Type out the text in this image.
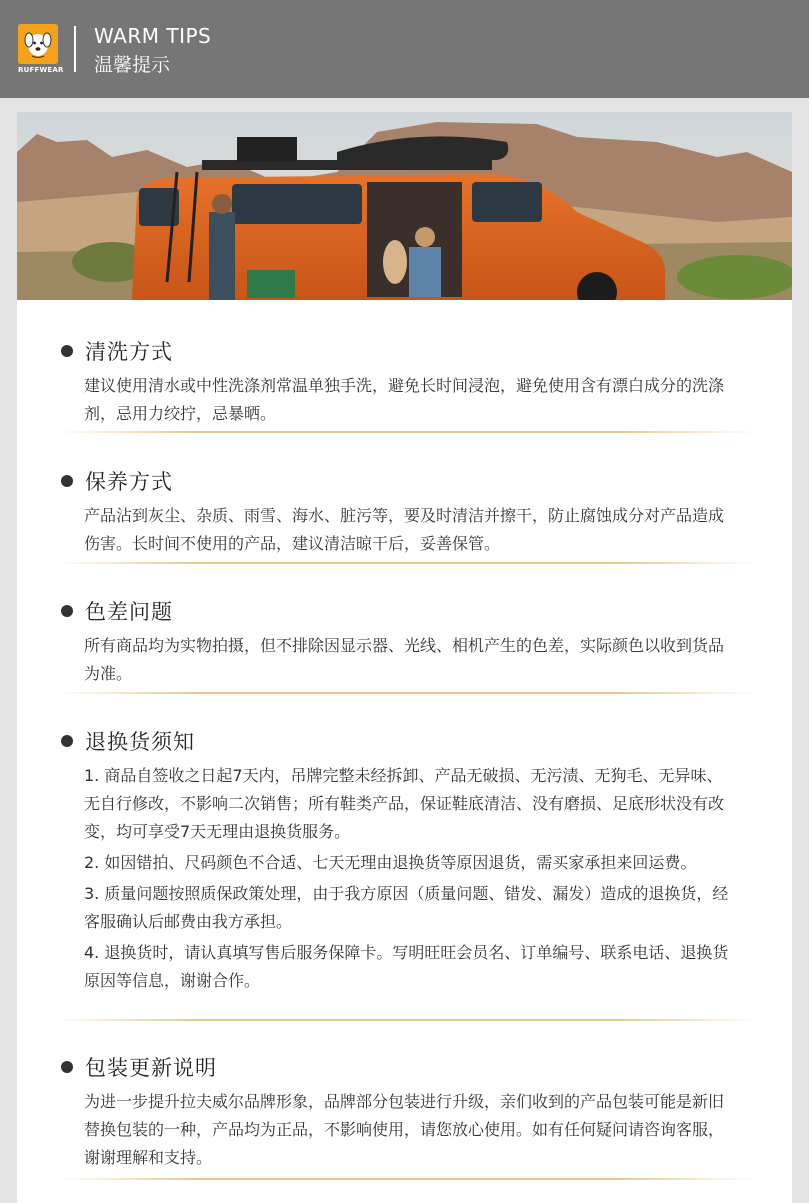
RUFFWEAR
WARM TIPS
温馨提示
清洗方式

建议使用清水或中性洗涤剂常温单独手洗，避免长时间浸泡，避免使用含有漂白成分的洗涤剂，忌用力绞拧，忌暴晒。

保养方式

产品沾到灰尘、杂质、雨雪、海水、脏污等，要及时清洁并擦干，防止腐蚀成分对产品造成伤害。长时间不使用的产品，建议清洁晾干后，妥善保管。

色差问题

所有商品均为实物拍摄，但不排除因显示器、光线、相机产生的色差，实际颜色以收到货品为准。

退换货须知

1. 商品自签收之日起7天内，吊牌完整未经拆卸、产品无破损、无污渍、无狗毛、无异味、无自行修改，不影响二次销售；所有鞋类产品，保证鞋底清洁、没有磨损、足底形状没有改变，均可享受7天无理由退换货服务。

2. 如因错拍、尺码颜色不合适、七天无理由退换货等原因退货，需买家承担来回运费。

3. 质量问题按照质保政策处理，由于我方原因（质量问题、错发、漏发）造成的退换货，经客服确认后邮费由我方承担。

4. 退换货时，请认真填写售后服务保障卡。写明旺旺会员名、订单编号、联系电话、退换货原因等信息，谢谢合作。

包装更新说明

为进一步提升拉夫威尔品牌形象，品牌部分包装进行升级，亲们收到的产品包装可能是新旧替换包装的一种，产品均为正品，不影响使用，请您放心使用。如有任何疑问请咨询客服，谢谢理解和支持。
